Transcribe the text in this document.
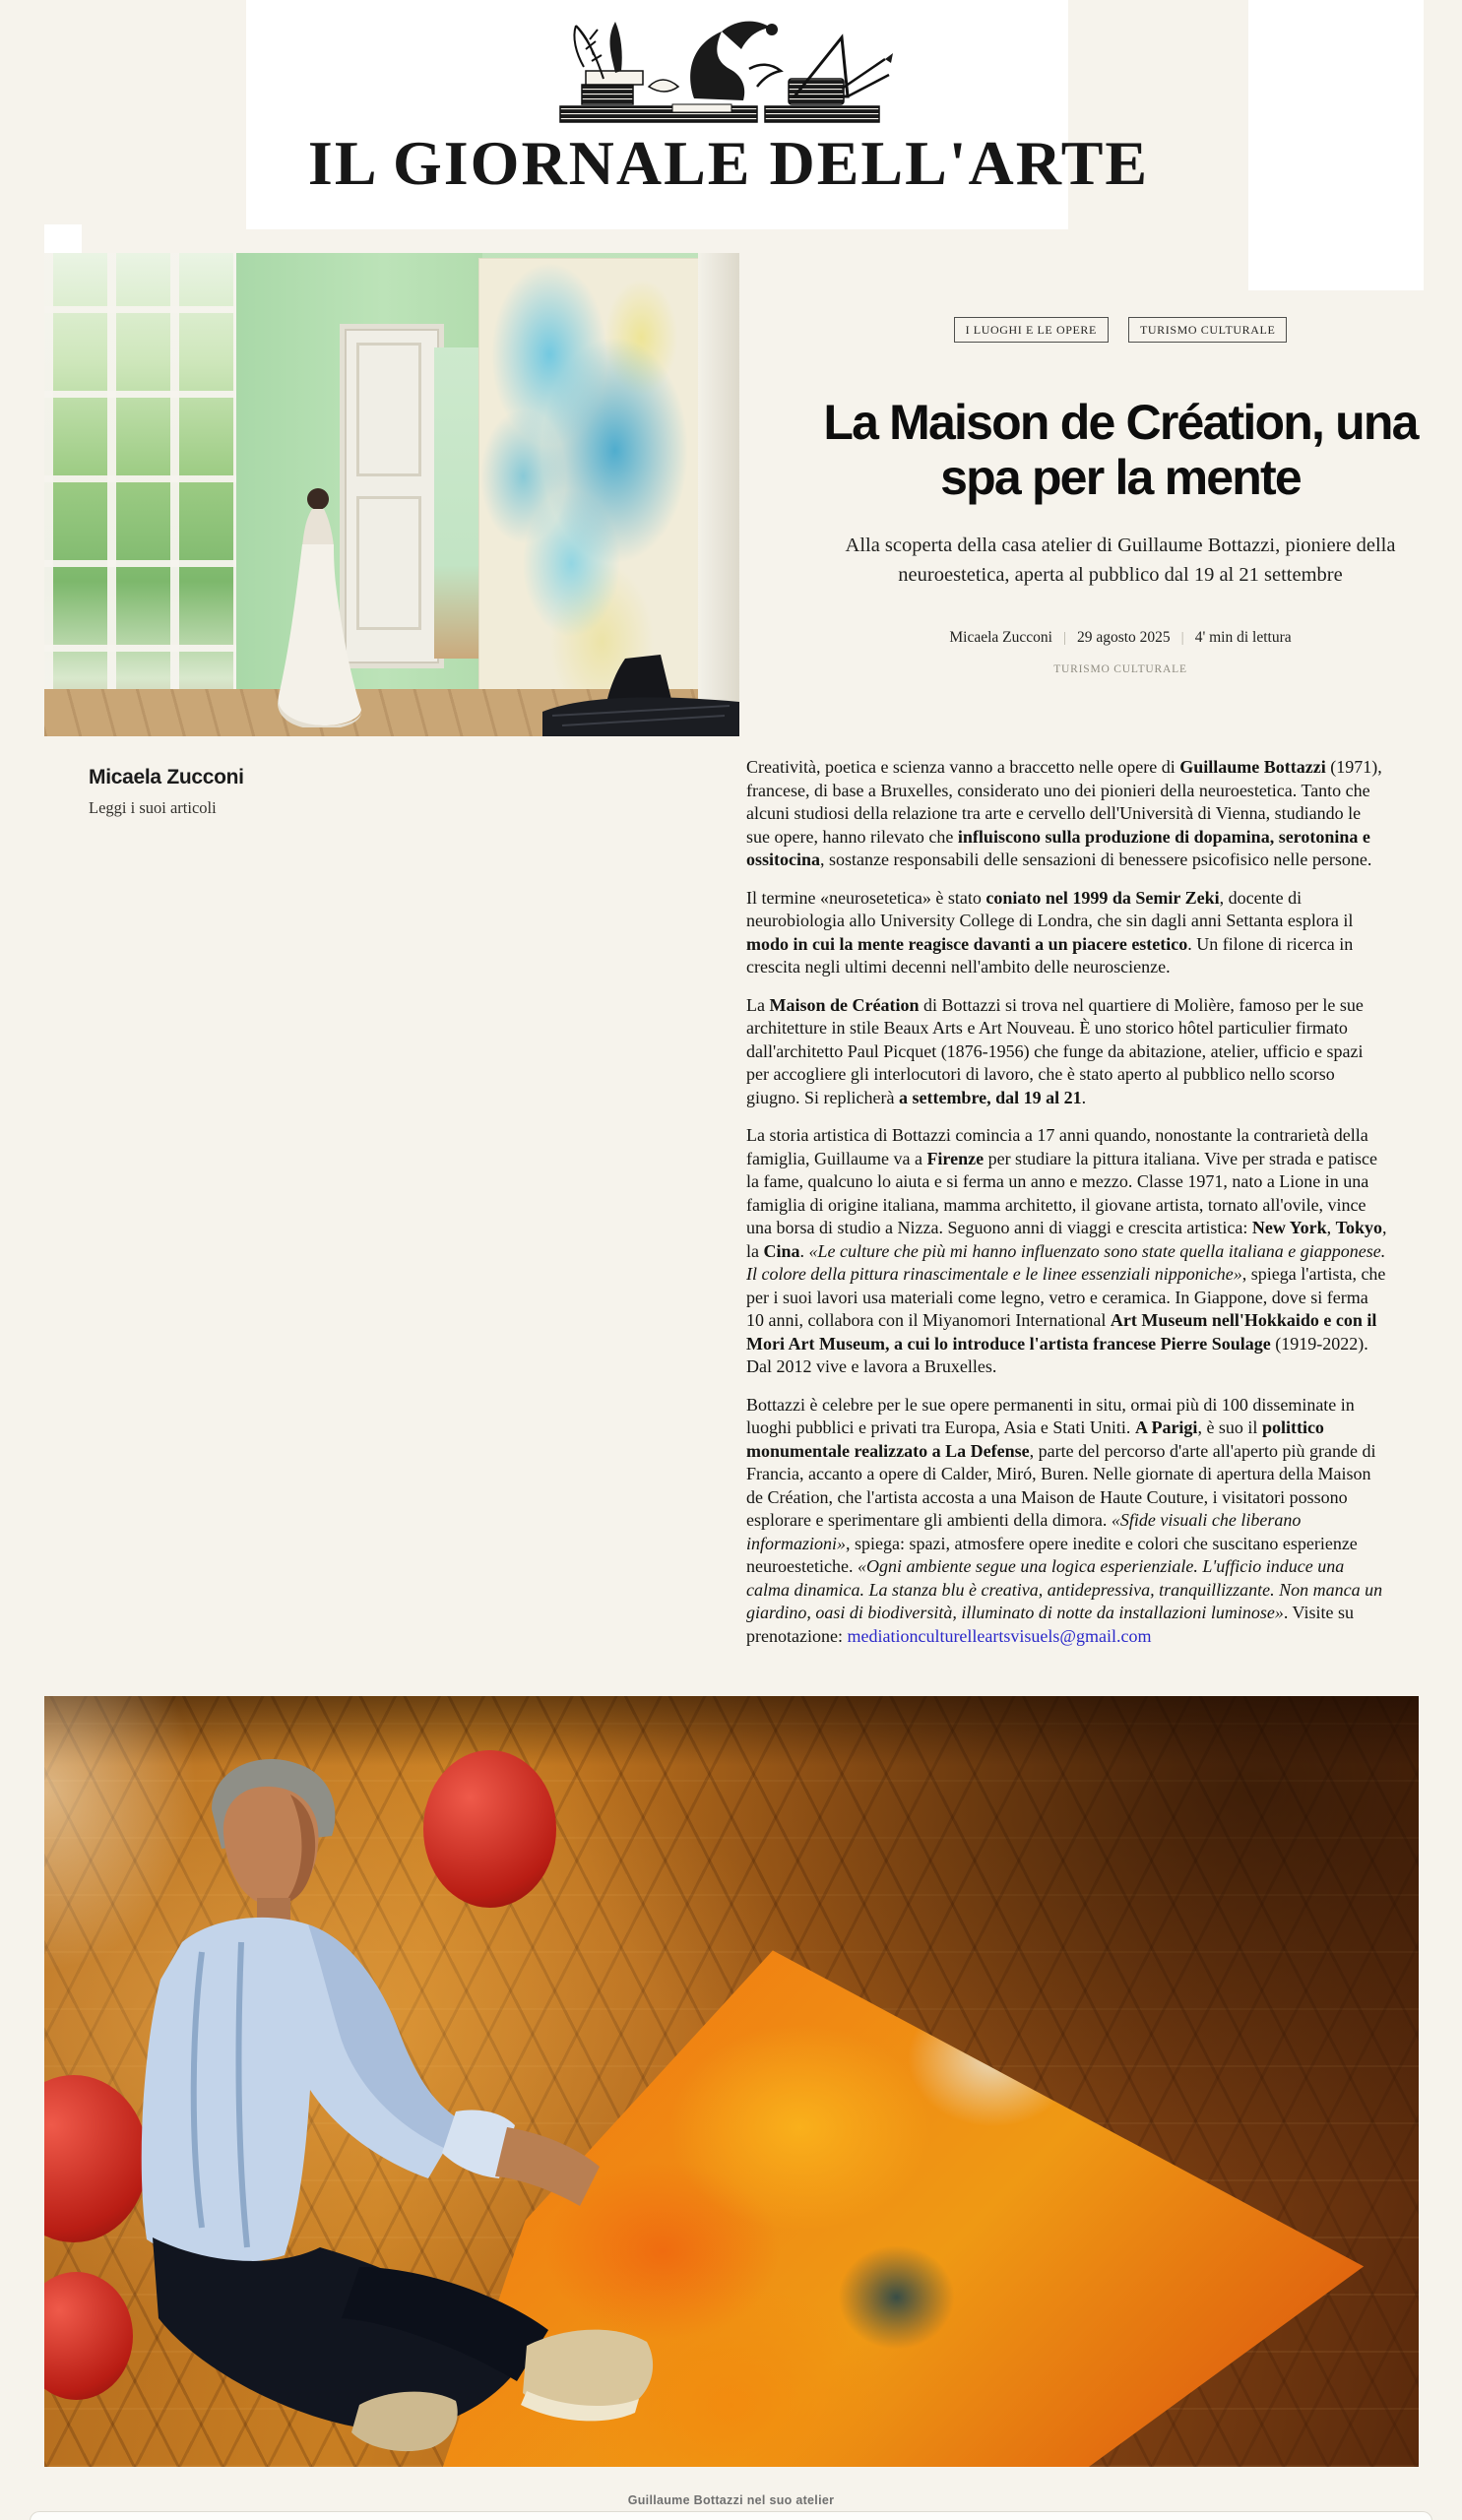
IL GIORNALE DELL'ARTE
Micaela Zucconi
Leggi i suoi articoli
I LUOGHI E LE OPERE	TURISMO CULTURALE
La Maison de Création, una spa per la mente

Alla scoperta della casa atelier di Guillaume Bottazzi, pioniere della neuroestetica, aperta al pubblico dal 19 al 21 settembre

Micaela Zucconi | 29 agosto 2025 | 4' min di lettura
TURISMO CULTURALE

Creatività, poetica e scienza vanno a braccetto nelle opere di Guillaume Bottazzi (1971), francese, di base a Bruxelles, considerato uno dei pionieri della neuroestetica. Tanto che alcuni studiosi della relazione tra arte e cervello dell'Università di Vienna, studiando le sue opere, hanno rilevato che influiscono sulla produzione di dopamina, serotonina e ossitocina, sostanze responsabili delle sensazioni di benessere psicofisico nelle persone.

Il termine «neurosetetica» è stato coniato nel 1999 da Semir Zeki, docente di neurobiologia allo University College di Londra, che sin dagli anni Settanta esplora il modo in cui la mente reagisce davanti a un piacere estetico. Un filone di ricerca in crescita negli ultimi decenni nell'ambito delle neuroscienze.

La Maison de Création di Bottazzi si trova nel quartiere di Molière, famoso per le sue architetture in stile Beaux Arts e Art Nouveau. È uno storico hôtel particulier firmato dall'architetto Paul Picquet (1876-1956) che funge da abitazione, atelier, ufficio e spazi per accogliere gli interlocutori di lavoro, che è stato aperto al pubblico nello scorso giugno. Si replicherà a settembre, dal 19 al 21.

La storia artistica di Bottazzi comincia a 17 anni quando, nonostante la contrarietà della famiglia, Guillaume va a Firenze per studiare la pittura italiana. Vive per strada e patisce la fame, qualcuno lo aiuta e si ferma un anno e mezzo. Classe 1971, nato a Lione in una famiglia di origine italiana, mamma architetto, il giovane artista, tornato all'ovile, vince una borsa di studio a Nizza. Seguono anni di viaggi e crescita artistica: New York, Tokyo, la Cina. «Le culture che più mi hanno influenzato sono state quella italiana e giapponese. Il colore della pittura rinascimentale e le linee essenziali nipponiche», spiega l'artista, che per i suoi lavori usa materiali come legno, vetro e ceramica. In Giappone, dove si ferma 10 anni, collabora con il Miyanomori International Art Museum nell'Hokkaido e con il Mori Art Museum, a cui lo introduce l'artista francese Pierre Soulage (1919-2022). Dal 2012 vive e lavora a Bruxelles.

Bottazzi è celebre per le sue opere permanenti in situ, ormai più di 100 disseminate in luoghi pubblici e privati tra Europa, Asia e Stati Uniti. A Parigi, è suo il polittico monumentale realizzato a La Defense, parte del percorso d'arte all'aperto più grande di Francia, accanto a opere di Calder, Miró, Buren. Nelle giornate di apertura della Maison de Création, che l'artista accosta a una Maison de Haute Couture, i visitatori possono esplorare e sperimentare gli ambienti della dimora. «Sfide visuali che liberano informazioni», spiega: spazi, atmosfere opere inedite e colori che suscitano esperienze neuroestetiche. «Ogni ambiente segue una logica esperienziale. L'ufficio induce una calma dinamica. La stanza blu è creativa, antidepressiva, tranquillizzante. Non manca un giardino, oasi di biodiversità, illuminato di notte da installazioni luminose». Visite su prenotazione: mediationculturelleartsvisuels@gmail.com

Guillaume Bottazzi nel suo atelier
